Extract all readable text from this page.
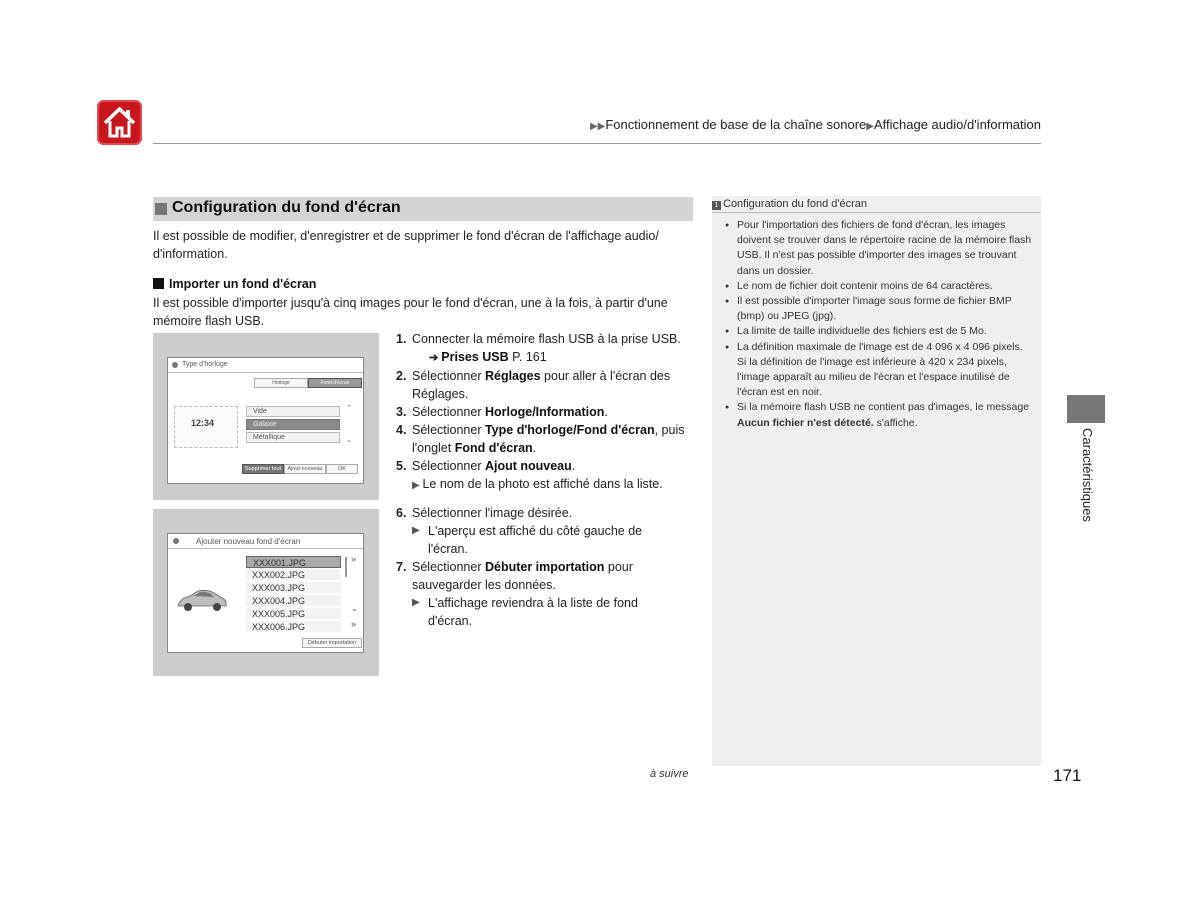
▶▶Fonctionnement de base de la chaîne sonore▶Affichage audio/d'information
Configuration du fond d'écran
Il est possible de modifier, d'enregistrer et de supprimer le fond d'écran de l'affichage audio/ d'information.
Importer un fond d'écran
Il est possible d'importer jusqu'à cinq images pour le fond d'écran, une à la fois, à partir d'une mémoire flash USB.
Type d'horloge
Horloge	Fond d'écran
12:34
Vide
Galaxie
Métallique
⌃
⌄
Supprimer tout	Ajout nouveau	OK
Ajouter nouveau fond d'écran
XXX001.JPG
XXX002.JPG
XXX003.JPG
XXX004.JPG
XXX005.JPG
XXX006.JPG
»
⌄
»
Débuter importation
1. Connecter la mémoire flash USB à la prise USB.
➔ Prises USB P. 161
2. Sélectionner Réglages pour aller à l'écran des Réglages.
3. Sélectionner Horloge/Information.
4. Sélectionner Type d'horloge/Fond d'écran, puis l'onglet Fond d'écran.
5. Sélectionner Ajout nouveau.
▶ Le nom de la photo est affiché dans la liste.
6. Sélectionner l'image désirée.
▶ L'aperçu est affiché du côté gauche de l'écran.
7. Sélectionner Débuter importation pour sauvegarder les données.
▶ L'affichage reviendra à la liste de fond d'écran.
1 Configuration du fond d'écran
● Pour l'importation des fichiers de fond d'écran, les images doivent se trouver dans le répertoire racine de la mémoire flash USB. Il n'est pas possible d'importer des images se trouvant dans un dossier.
● Le nom de fichier doit contenir moins de 64 caractères.
● Il est possible d'importer l'image sous forme de fichier BMP (bmp) ou JPEG (jpg).
● La limite de taille individuelle des fichiers est de 5 Mo.
● La définition maximale de l'image est de 4 096 x 4 096 pixels. Si la définition de l'image est inférieure à 420 x 234 pixels, l'image apparaît au milieu de l'écran et l'espace inutilisé de l'écran est en noir.
● Si la mémoire flash USB ne contient pas d'images, le message Aucun fichier n'est détecté. s'affiche.
Caractéristiques
à suivre	171
